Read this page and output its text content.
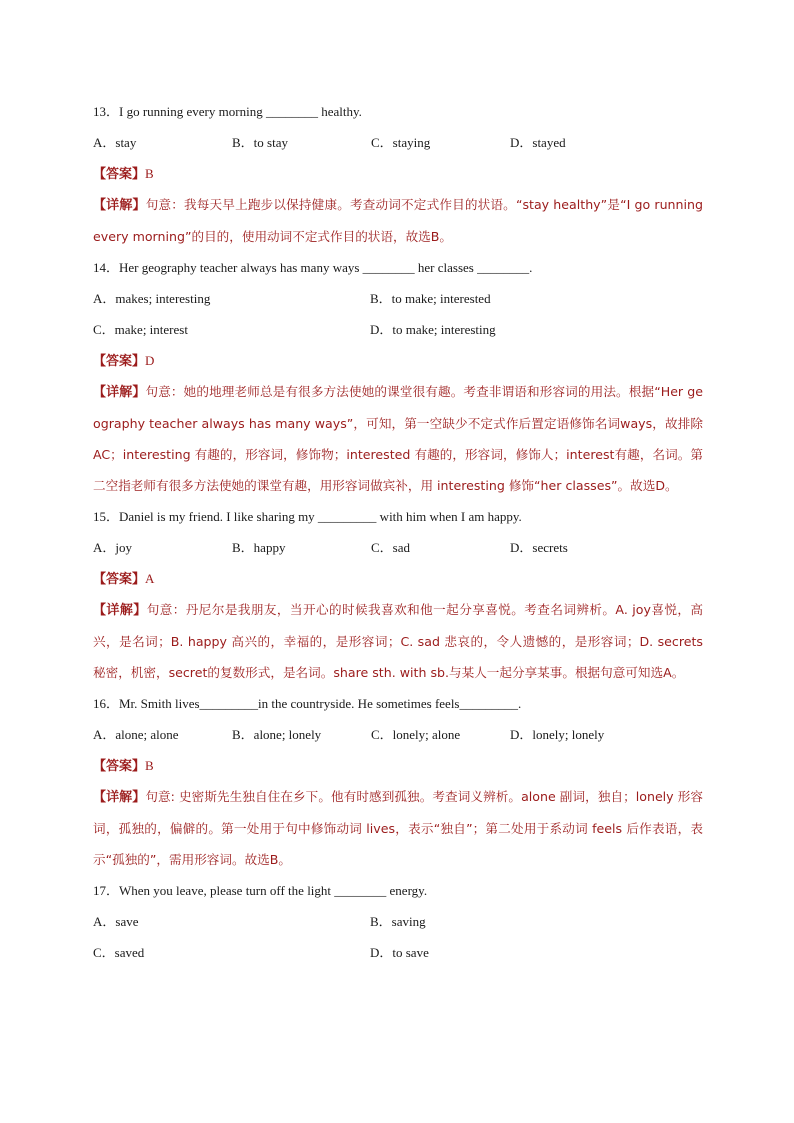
13．I go running every morning ________ healthy.
A．stay	B．to stay	C．staying	D．stayed
【答案】B
【详解】句意：我每天早上跑步以保持健康。考查动词不定式作目的状语。“stay healthy”是“I go running every morning”的目的，使用动词不定式作目的状语，故选B。
14．Her geography teacher always has many ways ________ her classes ________.
A．makes; interesting	B．to make; interested
C．make; interest	D．to make; interesting
【答案】D
【详解】句意：她的地理老师总是有很多方法使她的课堂很有趣。考查非谓语和形容词的用法。根据“Her geography teacher always has many ways”，可知，第一空缺少不定式作后置定语修饰名词ways，故排除AC；interesting 有趣的，形容词，修饰物；interested 有趣的，形容词，修饰人；interest有趣，名词。第二空指老师有很多方法使她的课堂有趣，用形容词做宾补，用 interesting 修饰“her classes”。故选D。
15．Daniel is my friend. I like sharing my _________ with him when I am happy.
A．joy	B．happy	C．sad	D．secrets
【答案】A
【详解】句意：丹尼尔是我朋友，当开心的时候我喜欢和他一起分享喜悦。考查名词辨析。A. joy喜悦，高兴，是名词；B. happy 高兴的，幸福的，是形容词；C. sad 悲哀的，令人遗憾的，是形容词；D. secrets 秘密，机密，secret的复数形式，是名词。share sth. with sb.与某人一起分享某事。根据句意可知选A。
16．Mr. Smith lives_________in the countryside. He sometimes feels_________.
A．alone; alone	B．alone; lonely	C．lonely; alone	D．lonely; lonely
【答案】B
【详解】句意: 史密斯先生独自住在乡下。他有时感到孤独。考查词义辨析。alone 副词，独自；lonely 形容词，孤独的，偏僻的。第一处用于句中修饰动词 lives，表示“独自”；第二处用于系动词 feels 后作表语，表示“孤独的”，需用形容词。故选B。
17．When you leave, please turn off the light ________ energy.
A．save	B．saving
C．saved	D．to save
